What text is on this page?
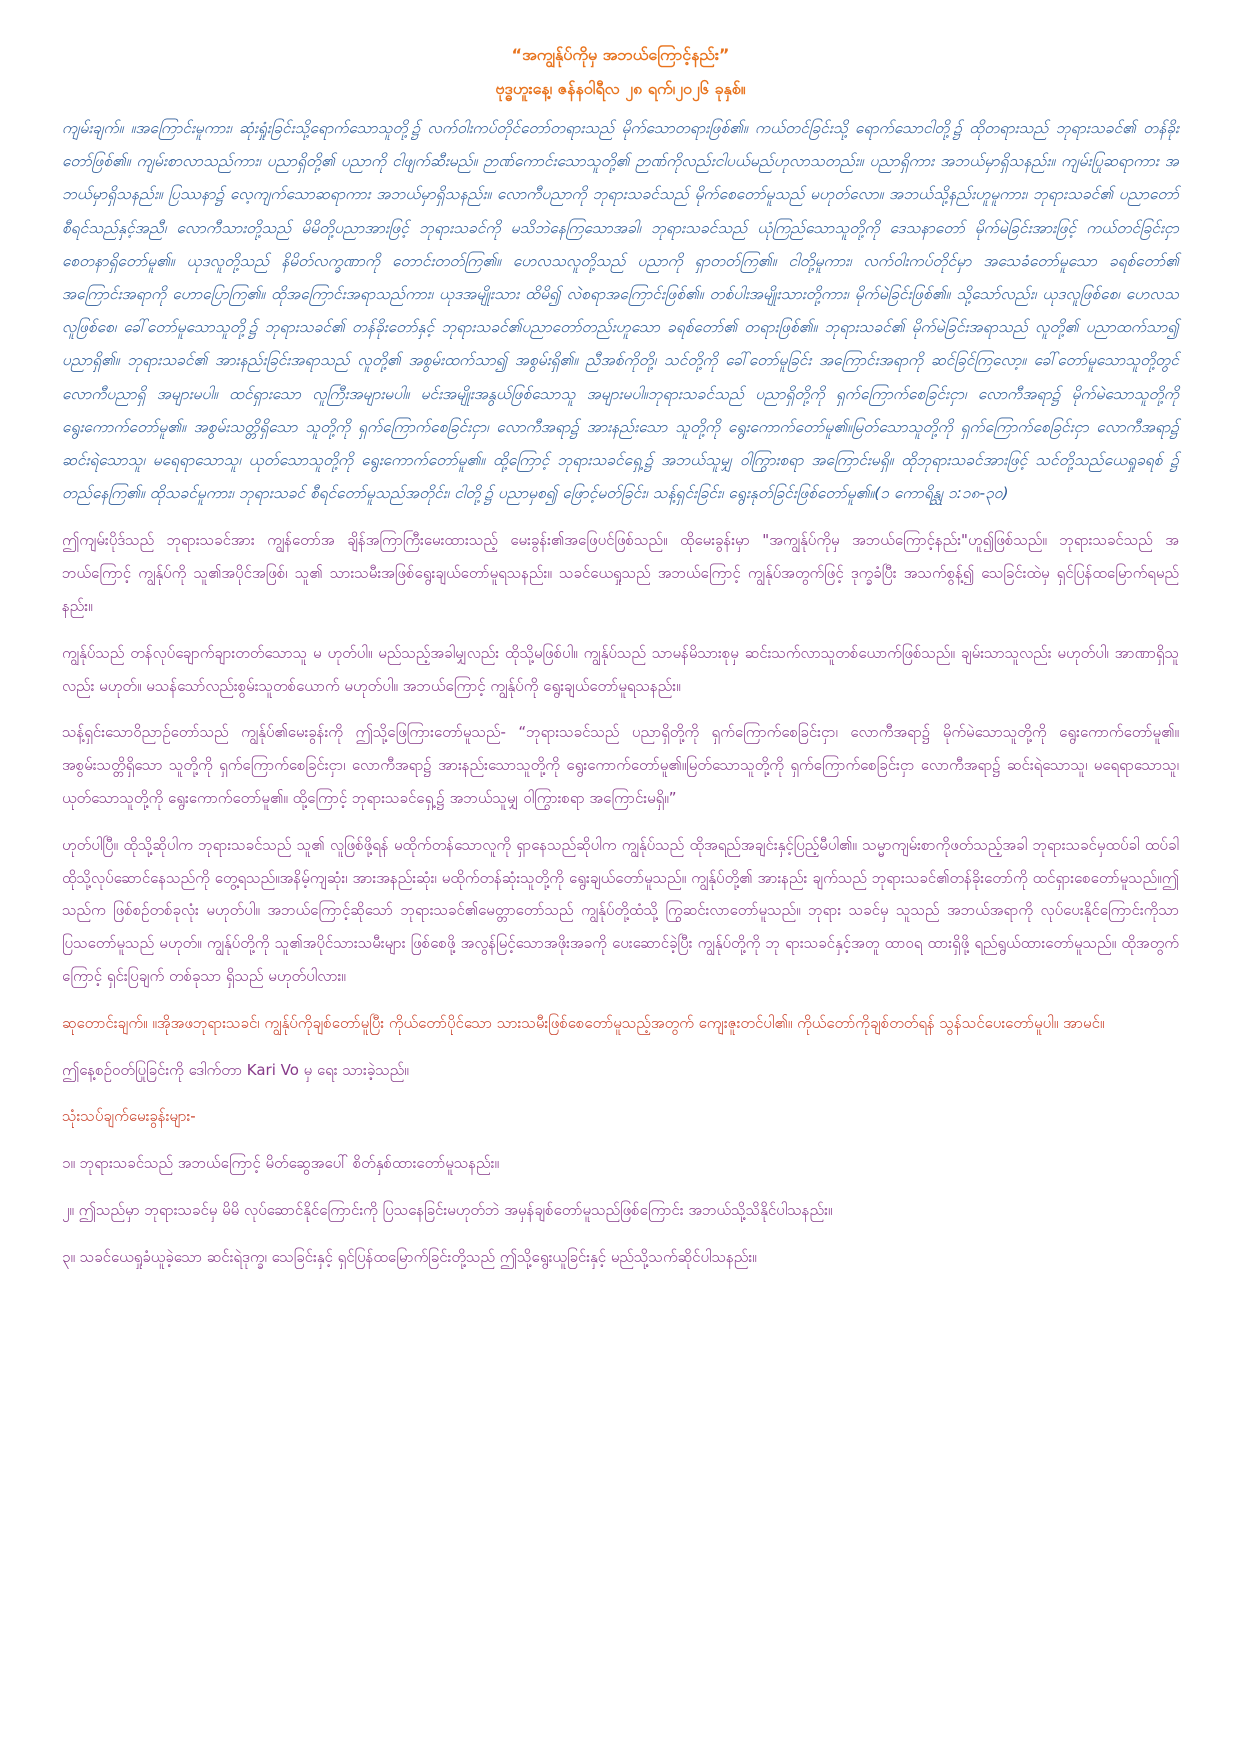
“အကျွန်ုပ်ကိုမှ အဘယ်ကြောင့်နည်း”

ဗုဒ္ဓဟူးနေ့၊ ဇန်နဝါရီလ ၂၈ ရက်၊၂၀၂၆ ခုနှစ်။

ကျမ်းချက်။ ။အကြောင်းမူကား၊ ဆုံးရှုံးခြင်းသို့ရောက်သောသူတို့၌ လက်ဝါးကပ်တိုင်တော်တရားသည် မိုက်သောတရားဖြစ်၏။ ကယ်တင်ခြင်းသို့ ရောက်သောငါတို့၌ ထိုတရားသည် ဘုရားသခင်၏ တန်ခိုးတော်ဖြစ်၏။ ကျမ်းစာလာသည်ကား၊ ပညာရှိတို့၏ ပညာကို ငါဖျက်ဆီးမည်။ ဉာဏ်ကောင်းသောသူတို့၏ ဉာဏ်ကိုလည်းငါပယ်မည်ဟုလာသတည်း။ ပညာရှိကား အဘယ်မှာရှိသနည်း။ ကျမ်းပြုဆရာကား အဘယ်မှာရှိသနည်း။ ပြဿနာ၌ လေ့ကျက်သောဆရာကား အဘယ်မှာရှိသနည်း။ လောကီပညာကို ဘုရားသခင်သည် မိုက်စေတော်မူသည် မဟုတ်လော။ အဘယ်သို့နည်းဟူမူကား၊ ဘုရားသခင်၏ ပညာတော်စီရင်သည်နှင့်အညီ၊ လောကီသားတို့သည် မိမိတို့ပညာအားဖြင့် ဘုရားသခင်ကို မသိဘဲနေကြသောအခါ၊ ဘုရားသခင်သည် ယုံကြည်သောသူတို့ကို ဒေသနာတော် မိုက်မဲခြင်းအားဖြင့် ကယ်တင်ခြင်းငှာ စေတနာရှိတော်မူ၏။ ယုဒလူတို့သည် နိမိတ်လက္ခဏာကို တောင်းတတ်ကြ၏။ ဟေလသလူတို့သည် ပညာကို ရှာတတ်ကြ၏။ ငါတို့မူကား၊ လက်ဝါးကပ်တိုင်မှာ အသေခံတော်မူသော ခရစ်တော်၏ အကြောင်းအရာကို ဟောပြောကြ၏။ ထိုအကြောင်းအရာသည်ကား၊ ယုဒအမျိုးသား ထိမိ၍ လဲစရာအကြောင်းဖြစ်၏။ တစ်ပါးအမျိုးသားတို့ကား၊ မိုက်မဲခြင်းဖြစ်၏။ သို့သော်လည်း၊ ယုဒလူဖြစ်စေ၊ ဟေလသလူဖြစ်စေ၊ ခေါ်တော်မူသောသူတို့၌ ဘုရားသခင်၏ တန်ခိုးတော်နှင့် ဘုရားသခင်၏ပညာတော်တည်းဟူသော ခရစ်တော်၏ တရားဖြစ်၏။ ဘုရားသခင်၏ မိုက်မဲခြင်းအရာသည် လူတို့၏ ပညာထက်သာ၍ ပညာရှိ၏။ ဘုရားသခင်၏ အားနည်းခြင်းအရာသည် လူတို့၏ အစွမ်းထက်သာ၍ အစွမ်းရှိ၏။ ညီအစ်ကိုတို့၊ သင်တို့ကို ခေါ်တော်မူခြင်း အကြောင်းအရာကို ဆင်ခြင်ကြလော့။ ခေါ်တော်မူသောသူတို့တွင် လောကီပညာရှိ အများမပါ။ ထင်ရှားသော လူကြီးအများမပါ။ မင်းအမျိုးအနွယ်ဖြစ်သောသူ အများမပါ။ဘုရားသခင်သည် ပညာရှိတို့ကို ရှက်ကြောက်စေခြင်းငှာ၊ လောကီအရာ၌ မိုက်မဲသောသူတို့ကို ရွေးကောက်တော်မူ၏။ အစွမ်းသတ္တိရှိသော သူတို့ကို ရှက်ကြောက်စေခြင်းငှာ၊ လောကီအရာ၌ အားနည်းသော သူတို့ကို ရွေးကောက်တော်မူ၏။မြတ်သောသူတို့ကို ရှက်ကြောက်စေခြင်းငှာ လောကီအရာ၌ ဆင်းရဲသောသူ၊ မရေရာသောသူ၊ ယုတ်သောသူတို့ကို ရွေးကောက်တော်မူ၏။ ထို့ကြောင့် ဘုရားသခင်ရှေ့၌ အဘယ်သူမျှ ဝါကြွားစရာ အကြောင်းမရှိ။ ထိုဘုရားသခင်အားဖြင့် သင်တို့သည်ယေရှုခရစ် ၌ တည်နေကြ၏။ ထိုသခင်မူကား၊ ဘုရားသခင် စီရင်တော်မူသည်အတိုင်း၊ ငါတို့၌ ပညာမှစ၍ ဖြောင့်မတ်ခြင်း၊ သန့်ရှင်းခြင်း၊ ရွေးနုတ်ခြင်းဖြစ်တော်မူ၏။(၁ ကောရိန္သု ၁:၁၈-၃၀)

ဤကျမ်းပိုဒ်သည် ဘုရားသခင်အား ကျွန်တော်အ ချိန်အကြာကြီးမေးထားသည့် မေးခွန်း၏အဖြေပင်ဖြစ်သည်။ ထိုမေးခွန်းမှာ "အကျွန်ုပ်ကိုမှ အဘယ်ကြောင့်နည်း"ဟူ၍ဖြစ်သည်။ ဘုရားသခင်သည် အ ဘယ်ကြောင့် ကျွန်ုပ်ကို သူ၏အပိုင်အဖြစ်၊ သူ၏ သားသမီးအဖြစ်ရွေးချယ်တော်မူရသနည်း။ သခင်ယေရှုသည် အဘယ်ကြောင့် ကျွန်ုပ်အတွက်ဖြင့် ဒုက္ခခံပြီး အသက်စွန့်၍ သေခြင်းထဲမှ ရှင်ပြန်ထမြောက်ရမည်နည်း။

ကျွန်ုပ်သည် တန်လုပ်ချောက်ချားတတ်သောသူ မ ဟုတ်ပါ။ မည်သည့်အခါမျှလည်း ထိုသို့မဖြစ်ပါ။ ကျွန်ုပ်သည် သာမန်မိသားစုမှ ဆင်းသက်လာသူတစ်ယောက်ဖြစ်သည်။ ချမ်းသာသူလည်း မဟုတ်ပါ၊ အာဏာရှိသူလည်း မဟုတ်။ မသန်သော်လည်းစွမ်းသူတစ်ယောက် မဟုတ်ပါ။ အဘယ်ကြောင့် ကျွန်ုပ်ကို ရွေးချယ်တော်မူရသနည်း။

သန့်ရှင်းသောဝိညာဉ်တော်သည် ကျွန်ုပ်၏မေးခွန်းကို ဤသို့ဖြေကြားတော်မူသည်- “ဘုရားသခင်သည် ပညာရှိတို့ကို ရှက်ကြောက်စေခြင်းငှာ၊ လောကီအရာ၌ မိုက်မဲသောသူတို့ကို ရွေးကောက်တော်မူ၏။ အစွမ်းသတ္တိရှိသော သူတို့ကို ရှက်ကြောက်စေခြင်းငှာ၊ လောကီအရာ၌ အားနည်းသောသူတို့ကို ရွေးကောက်တော်မူ၏။မြတ်သောသူတို့ကို ရှက်ကြောက်စေခြင်းငှာ လောကီအရာ၌ ဆင်းရဲသောသူ၊ မရေရာသောသူ၊ ယုတ်သောသူတို့ကို ရွေးကောက်တော်မူ၏။ ထို့ကြောင့် ဘုရားသခင်ရှေ့၌ အဘယ်သူမျှ ဝါကြွားစရာ အကြောင်းမရှိ။”

ဟုတ်ပါပြီ။ ထိုသို့ဆိုပါက ဘုရားသခင်သည် သူ၏ လူဖြစ်ဖို့ရန် မထိုက်တန်သောလူကို ရှာနေသည်ဆိုပါက ကျွန်ုပ်သည် ထိုအရည်အချင်းနှင့်ပြည့်မီပါ၏။ သမ္မာကျမ်းစာကိုဖတ်သည့်အခါ ဘုရားသခင်မှထပ်ခါ ထပ်ခါ ထိုသို့လုပ်ဆောင်နေသည်ကို တွေ့ရသည်။အနိမ့်ကျဆုံး၊ အားအနည်းဆုံး၊ မထိုက်တန်ဆုံးသူတို့ကို ရွေးချယ်တော်မူသည်။ ကျွန်ုပ်တို့၏ အားနည်း ချက်သည် ဘုရားသခင်၏တန်ခိုးတော်ကို ထင်ရှားစေတော်မူသည်။ဤသည်က ဖြစ်စဉ်တစ်ခုလုံး မဟုတ်ပါ။ အဘယ်ကြောင့်ဆိုသော် ဘုရားသခင်၏မေတ္တာတော်သည် ကျွန်ုပ်တို့ထံသို့ ကြွဆင်းလာတော်မူသည်။ ဘုရား သခင်မှ သူသည် အဘယ်အရာကို လုပ်ပေးနိုင်ကြောင်းကိုသာ ပြသတော်မူသည် မဟုတ်။ ကျွန်ုပ်တို့ကို သူ၏အပိုင်သားသမီးများ ဖြစ်စေဖို့ အလွန်မြင့်သောအဖိုးအခကို ပေးဆောင်ခဲ့ပြီး ကျွန်ုပ်တို့ကို ဘု ရားသခင်နှင့်အတူ ထာဝရ ထားရှိဖို့ ရည်ရွယ်ထားတော်မူသည်။ ထိုအတွက်ကြောင့် ရှင်းပြချက် တစ်ခုသာ ရှိသည် မဟုတ်ပါလား။

ဆုတောင်းချက်။ ။အိုအဖဘုရားသခင်၊ ကျွန်ုပ်ကိုချစ်တော်မူပြီး ကိုယ်တော်ပိုင်သော သားသမီးဖြစ်စေတော်မူသည့်အတွက် ကျေးဇူးတင်ပါ၏။ ကိုယ်တော်ကိုချစ်တတ်ရန် သွန်သင်ပေးတော်မူပါ။ အာမင်။

ဤနေ့စဉ်ဝတ်ပြုခြင်းကို ဒေါက်တာ Kari Vo မှ ရေး သားခဲ့သည်။

သုံးသပ်ချက်မေးခွန်းများ-

၁။ ဘုရားသခင်သည် အဘယ်ကြောင့် မိတ်ဆွေအပေါ် စိတ်နှစ်ထားတော်မူသနည်း။

၂။ ဤသည်မှာ ဘုရားသခင်မှ မိမိ လုပ်ဆောင်နိုင်ကြောင်းကို ပြသနေခြင်းမဟုတ်ဘဲ အမှန်ချစ်တော်မူသည်ဖြစ်ကြောင်း အဘယ်သို့သိနိုင်ပါသနည်း။

၃။ သခင်ယေရှုခံယူခဲ့သော ဆင်းရဲဒုက္ခ၊ သေခြင်းနှင့် ရှင်ပြန်ထမြောက်ခြင်းတို့သည် ဤသို့ရွေးယူခြင်းနှင့် မည်သို့သက်ဆိုင်ပါသနည်း။
